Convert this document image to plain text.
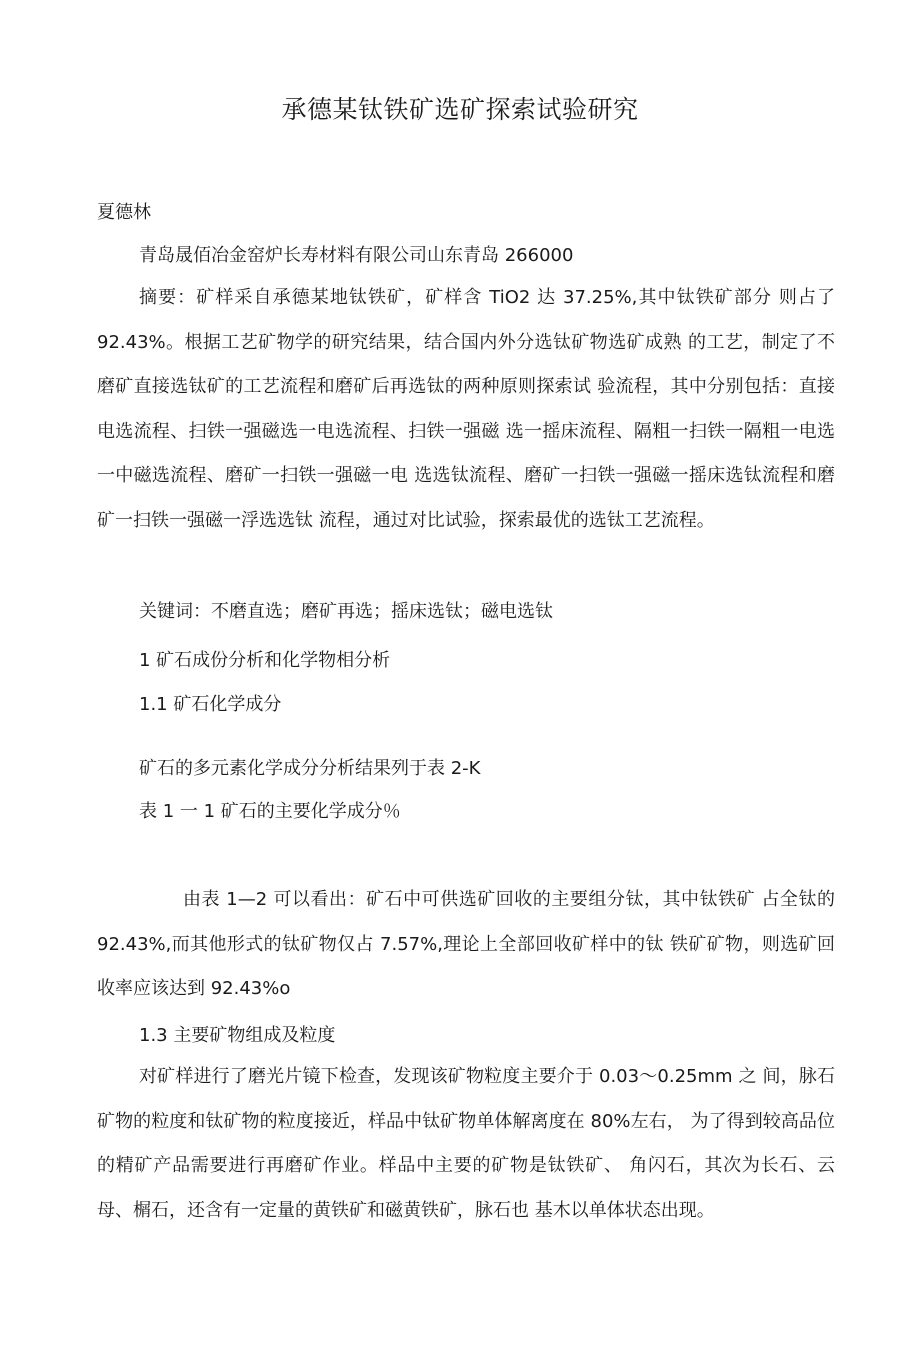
承德某钛铁矿选矿探索试验研究

夏德林

青岛晟佰冶金窑炉长寿材料有限公司山东青岛 266000

摘要：矿样采自承德某地钛铁矿，矿样含 TiO2 达 37.25%,其中钛铁矿部分 则占了 92.43%。根据工艺矿物学的研究结果，结合国内外分选钛矿物选矿成熟 的工艺，制定了不磨矿直接选钛矿的工艺流程和磨矿后再选钛的两种原则探索试 验流程，其中分别包括：直接电选流程、扫铁一强磁选一电选流程、扫铁一强磁 选一摇床流程、隔粗一扫铁一隔粗一电选一中磁选流程、磨矿一扫铁一强磁一电 选选钛流程、磨矿一扫铁一强磁一摇床选钛流程和磨矿一扫铁一强磁一浮选选钛 流程，通过对比试验，探索最优的选钛工艺流程。

关键词：不磨直选；磨矿再选；摇床选钛；磁电选钛

1 矿石成份分析和化学物相分析

1.1 矿石化学成分

矿石的多元素化学成分分析结果列于表 2-K

表 1 一 1 矿石的主要化学成分％

由表 1—2 可以看出：矿石中可供选矿回收的主要组分钛，其中钛铁矿 占全钛的 92.43%,而其他形式的钛矿物仅占 7.57%,理论上全部回收矿样中的钛 铁矿矿物，则选矿回收率应该达到 92.43%o

1.3 主要矿物组成及粒度

对矿样进行了磨光片镜下检查，发现该矿物粒度主要介于 0.03～0.25mm 之 间，脉石矿物的粒度和钛矿物的粒度接近，样品中钛矿物单体解离度在 80%左右， 为了得到较高品位的精矿产品需要进行再磨矿作业。样品中主要的矿物是钛铁矿、 角闪石，其次为长石、云母、榍石，还含有一定量的黄铁矿和磁黄铁矿，脉石也 基木以单体状态出现。
